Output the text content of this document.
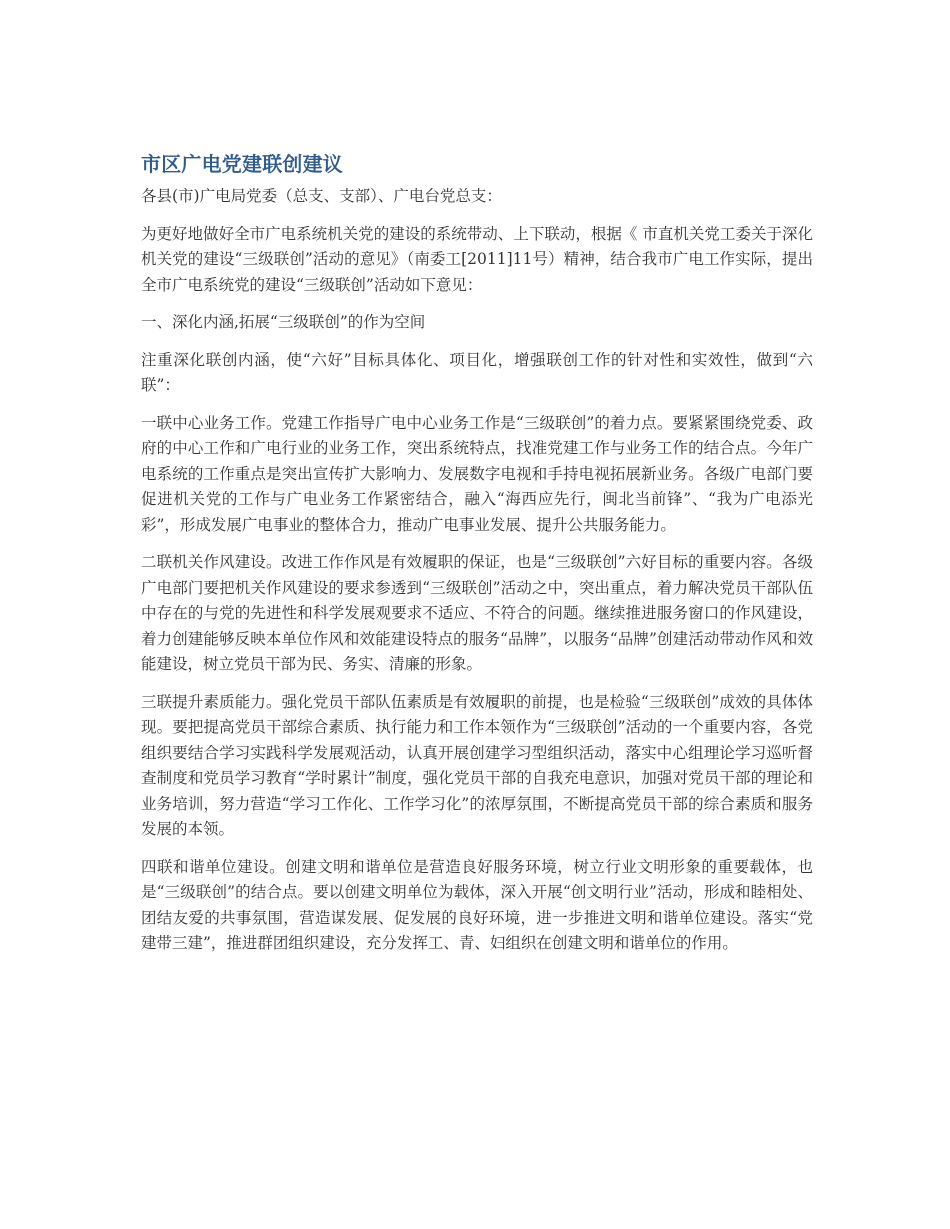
市区广电党建联创建议

各县(市)广电局党委（总支、支部）、广电台党总支：

为更好地做好全市广电系统机关党的建设的系统带动、上下联动，根据《 市直机关党工委关于深化机关党的建设“三级联创”活动的意见》（南委工[2011]11号）精神，结合我市广电工作实际，提出全市广电系统党的建设“三级联创”活动如下意见：

一、深化内涵,拓展“三级联创”的作为空间

注重深化联创内涵，使“六好”目标具体化、项目化，增强联创工作的针对性和实效性，做到“六联”：

一联中心业务工作。党建工作指导广电中心业务工作是“三级联创”的着力点。要紧紧围绕党委、政府的中心工作和广电行业的业务工作，突出系统特点，找准党建工作与业务工作的结合点。今年广电系统的工作重点是突出宣传扩大影响力、发展数字电视和手持电视拓展新业务。各级广电部门要促进机关党的工作与广电业务工作紧密结合，融入“海西应先行，闽北当前锋”、“我为广电添光彩”，形成发展广电事业的整体合力，推动广电事业发展、提升公共服务能力。

二联机关作风建设。改进工作作风是有效履职的保证，也是“三级联创”六好目标的重要内容。各级广电部门要把机关作风建设的要求参透到“三级联创”活动之中，突出重点，着力解决党员干部队伍中存在的与党的先进性和科学发展观要求不适应、不符合的问题。继续推进服务窗口的作风建设，着力创建能够反映本单位作风和效能建设特点的服务“品牌”，以服务“品牌”创建活动带动作风和效能建设，树立党员干部为民、务实、清廉的形象。

三联提升素质能力。强化党员干部队伍素质是有效履职的前提，也是检验“三级联创”成效的具体体现。要把提高党员干部综合素质、执行能力和工作本领作为“三级联创”活动的一个重要内容，各党组织要结合学习实践科学发展观活动，认真开展创建学习型组织活动，落实中心组理论学习巡听督查制度和党员学习教育“学时累计”制度，强化党员干部的自我充电意识，加强对党员干部的理论和业务培训，努力营造“学习工作化、工作学习化”的浓厚氛围，不断提高党员干部的综合素质和服务发展的本领。

四联和谐单位建设。创建文明和谐单位是营造良好服务环境，树立行业文明形象的重要载体，也是“三级联创”的结合点。要以创建文明单位为载体，深入开展“创文明行业”活动，形成和睦相处、团结友爱的共事氛围，营造谋发展、促发展的良好环境，进一步推进文明和谐单位建设。落实“党建带三建”，推进群团组织建设，充分发挥工、青、妇组织在创建文明和谐单位的作用。
